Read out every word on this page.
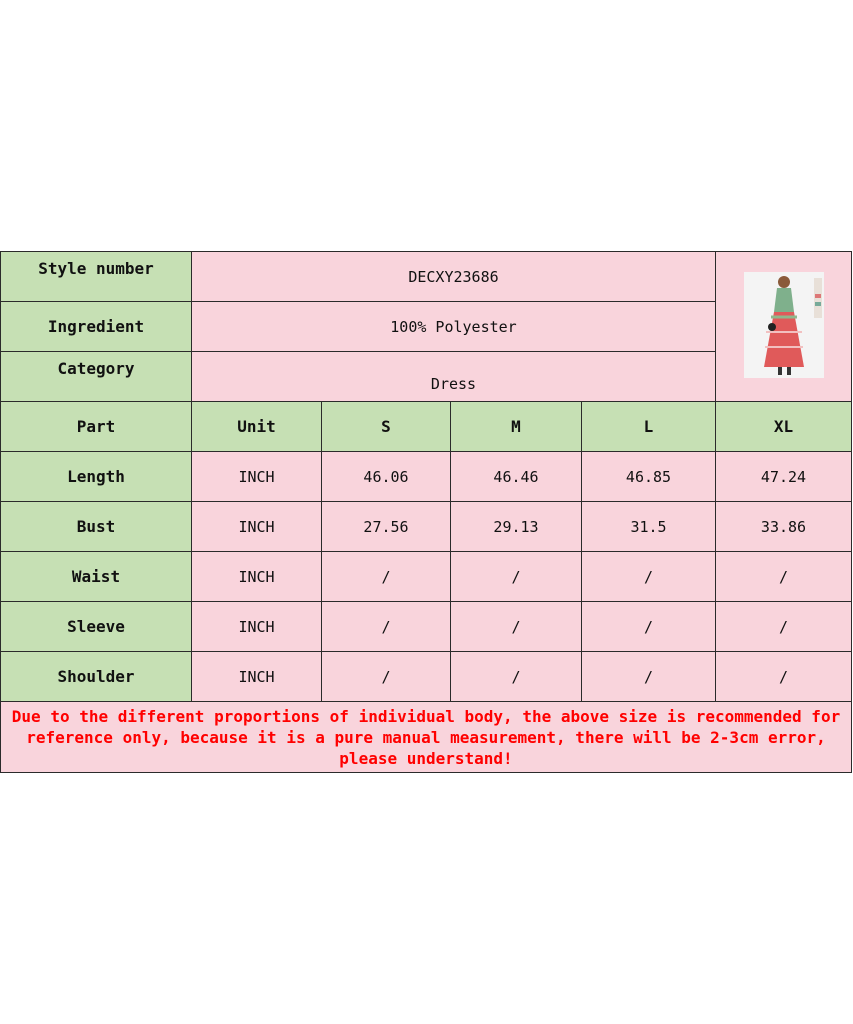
Style number	DECXY23686	
Ingredient	100% Polyester				
Category	Dress				
Part	Unit	S	M	L	XL
Length	INCH	46.06	46.46	46.85	47.24
Bust	INCH	27.56	29.13	31.5	33.86
Waist	INCH	/	/	/	/
Sleeve	INCH	/	/	/	/
Shoulder	INCH	/	/	/	/
Due to the different proportions of individual body, the above size is recommended for reference only, because it is a pure manual measurement, there will be 2-3cm error, please understand!					
